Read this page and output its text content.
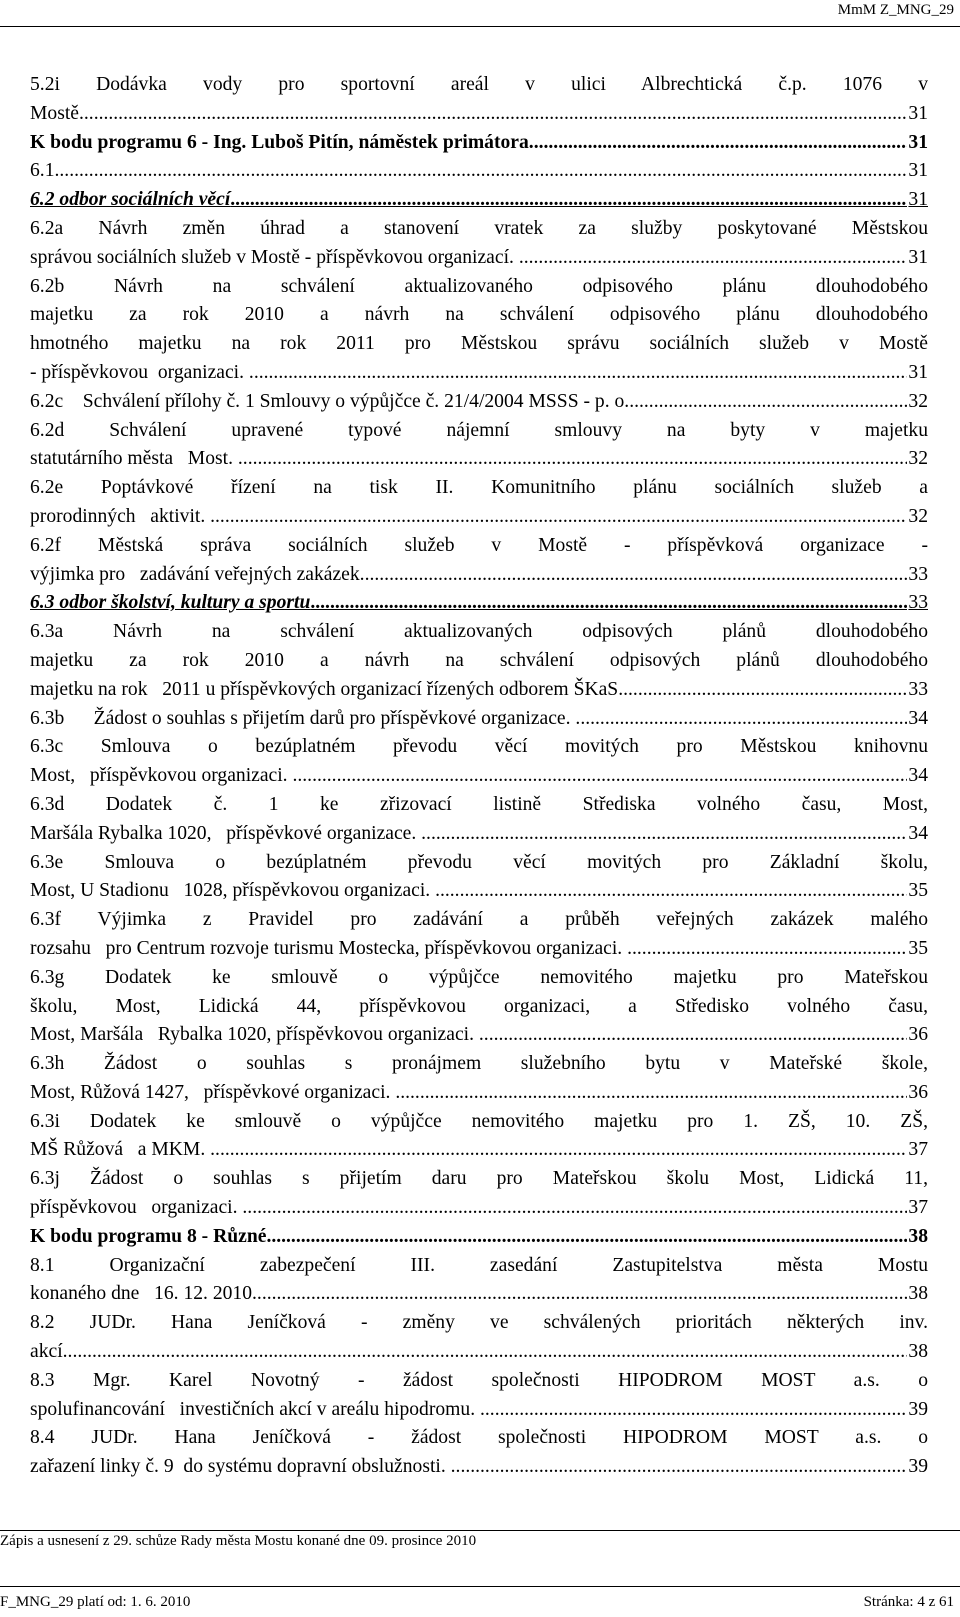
MmM Z_MNG_29
5.2i Dodávka vody pro sportovní areál v ulici Albrechtická č.p. 1076 v
Mostě. .....	31
K bodu programu 6 - Ing. Luboš Pitín, náměstek primátora .....	31
6.1 .....	31
6.2 odbor sociálních věcí .....	31
6.2a Návrh změn úhrad a stanovení vratek za služby poskytované Městskou
správou sociálních služeb v Mostě - příspěvkovou organizací. .....	31
6.2b Návrh na schválení aktualizovaného odpisového plánu dlouhodobého
majetku za rok 2010 a návrh na schválení odpisového plánu dlouhodobého
hmotného majetku na rok 2011 pro Městskou správu sociálních služeb v Mostě
- příspěvkovou  organizaci. .....	31
6.2c    Schválení přílohy č. 1 Smlouvy o výpůjčce č. 21/4/2004 MSSS - p. o. .....	32
6.2d Schválení upravené typové nájemní smlouvy na byty v majetku
statutárního města   Most. .....	32
6.2e Poptávkové řízení na tisk II. Komunitního plánu sociálních služeb a
prorodinných   aktivit. .....	32
6.2f Městská správa sociálních služeb v Mostě - příspěvková organizace -
výjimka pro   zadávání veřejných zakázek .....	33
6.3 odbor školství, kultury a sportu .....	33
6.3a Návrh na schválení aktualizovaných odpisových plánů dlouhodobého
majetku za rok 2010 a návrh na schválení odpisových plánů dlouhodobého
majetku na rok   2011 u příspěvkových organizací řízených odborem ŠKaS .....	33
6.3b      Žádost o souhlas s přijetím darů pro příspěvkové organizace. .....	34
6.3c Smlouva o bezúplatném převodu věcí movitých pro Městskou knihovnu
Most,   příspěvkovou organizaci. .....	34
6.3d Dodatek č. 1 ke zřizovací listině Střediska volného času, Most,
Maršála Rybalka 1020,   příspěvkové organizace. .....	34
6.3e Smlouva o bezúplatném převodu věcí movitých pro Základní školu,
Most, U Stadionu   1028, příspěvkovou organizaci. .....	35
6.3f Výjimka z Pravidel pro zadávání a průběh veřejných zakázek malého
rozsahu   pro Centrum rozvoje turismu Mostecka, příspěvkovou organizaci. .....	35
6.3g Dodatek ke smlouvě o výpůjčce nemovitého majetku pro Mateřskou
školu, Most, Lidická 44, příspěvkovou organizaci, a Středisko volného času,
Most, Maršála   Rybalka 1020, příspěvkovou organizaci. .....	36
6.3h Žádost o souhlas s pronájmem služebního bytu v Mateřské škole,
Most, Růžová 1427,   příspěvkové organizaci. .....	36
6.3i Dodatek ke smlouvě o výpůjčce nemovitého majetku pro 1. ZŠ, 10. ZŠ,
MŠ Růžová   a MKM. .....	37
6.3j Žádost o souhlas s přijetím daru pro Mateřskou školu Most, Lidická 11,
příspěvkovou   organizaci. .....	37
K bodu programu 8 - Různé .....	38
8.1 Organizační zabezpečení III. zasedání Zastupitelstva města Mostu
konaného dne   16. 12. 2010 .....	38
8.2 JUDr. Hana Jeníčková - změny ve schválených prioritách některých inv.
akcí .....	38
8.3 Mgr. Karel Novotný - žádost společnosti HIPODROM MOST a.s. o
spolufinancování   investičních akcí v areálu hipodromu. .....	39
8.4 JUDr. Hana Jeníčková - žádost společnosti HIPODROM MOST a.s. o
zařazení linky č. 9  do systému dopravní obslužnosti. .....	39
Zápis a usnesení z 29. schůze Rady města Mostu konané dne 09. prosince 2010
F_MNG_29 platí od: 1. 6. 2010	Stránka: 4 z 61
